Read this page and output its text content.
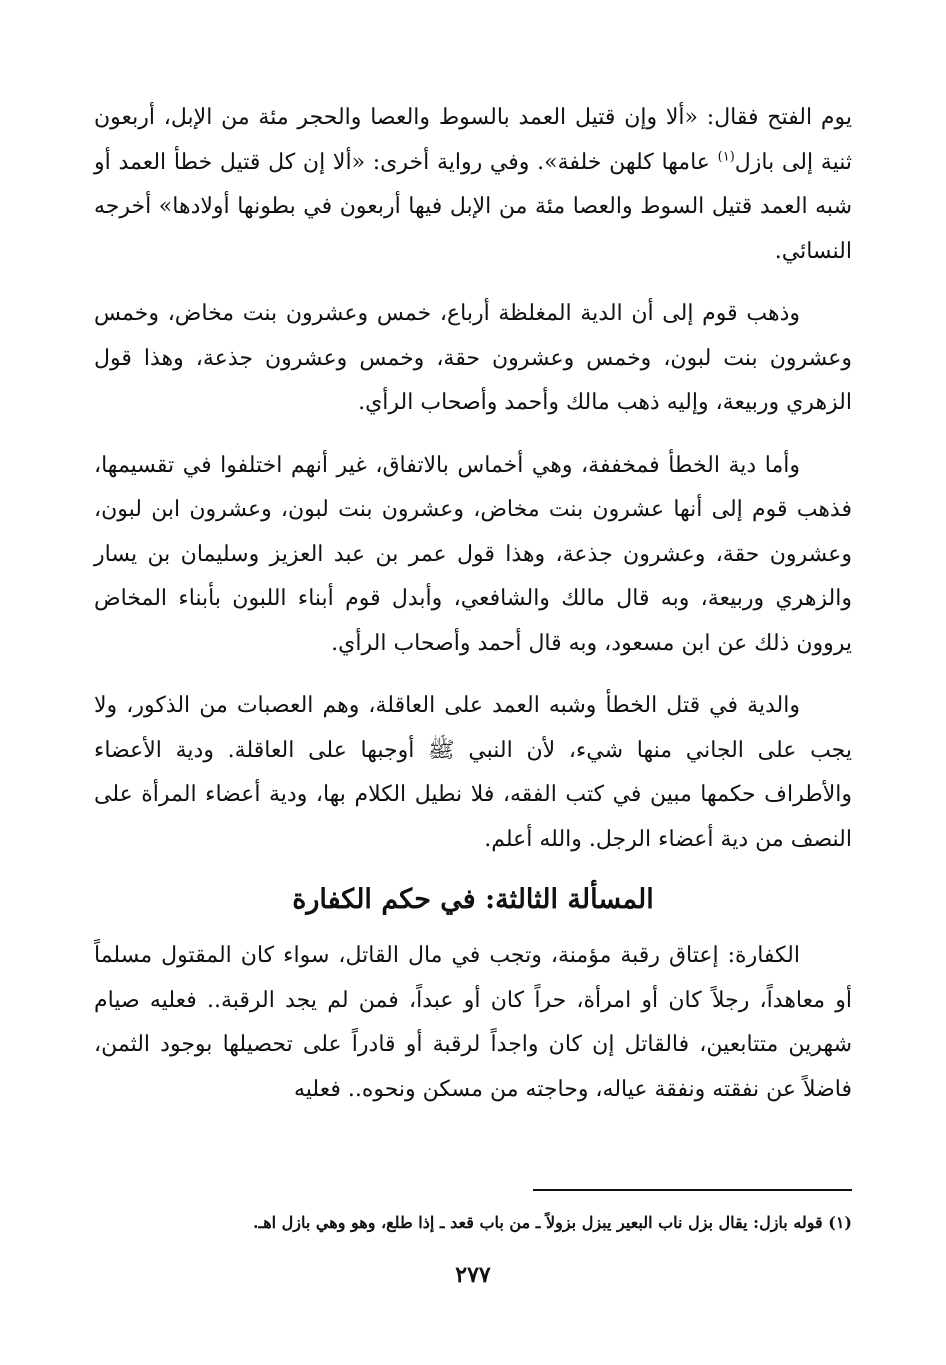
يوم الفتح فقال: «ألا وإن قتيل العمد بالسوط والعصا والحجر مئة من الإبل، أربعون ثنية إلى بازل$^{(١)}$ عامها كلهن خلفة». وفي رواية أخرى: «ألا إن كل قتيل خطأ العمد أو شبه العمد قتيل السوط والعصا مئة من الإبل فيها أربعون في بطونها أولادها» أخرجه النسائي.

وذهب قوم إلى أن الدية المغلظة أرباع، خمس وعشرون بنت مخاض، وخمس وعشرون بنت لبون، وخمس وعشرون حقة، وخمس وعشرون جذعة، وهذا قول الزهري وربيعة، وإليه ذهب مالك وأحمد وأصحاب الرأي.

وأما دية الخطأ فمخففة، وهي أخماس بالاتفاق، غير أنهم اختلفوا في تقسيمها، فذهب قوم إلى أنها عشرون بنت مخاض، وعشرون بنت لبون، وعشرون ابن لبون، وعشرون حقة، وعشرون جذعة، وهذا قول عمر بن عبد العزيز وسليمان بن يسار والزهري وربيعة، وبه قال مالك والشافعي، وأبدل قوم أبناء اللبون بأبناء المخاض يروون ذلك عن ابن مسعود، وبه قال أحمد وأصحاب الرأي.

والدية في قتل الخطأ وشبه العمد على العاقلة، وهم العصبات من الذكور، ولا يجب على الجاني منها شيء، لأن النبي ﷺ أوجبها على العاقلة. ودية الأعضاء والأطراف حكمها مبين في كتب الفقه، فلا نطيل الكلام بها، ودية أعضاء المرأة على النصف من دية أعضاء الرجل. والله أعلم.

المسألة الثالثة: في حكم الكفارة

الكفارة: إعتاق رقبة مؤمنة، وتجب في مال القاتل، سواء كان المقتول مسلماً أو معاهداً، رجلاً كان أو امرأة، حراً كان أو عبداً، فمن لم يجد الرقبة.. فعليه صيام شهرين متتابعين، فالقاتل إن كان واجداً لرقبة أو قادراً على تحصيلها بوجود الثمن، فاضلاً عن نفقته ونفقة عياله، وحاجته من مسكن ونحوه.. فعليه

(١) قوله بازل: يقال بزل ناب البعير يبزل بزولاً ـ من باب قعد ـ إذا طلع، وهو وهي بازل اهـ.
٢٧٧
